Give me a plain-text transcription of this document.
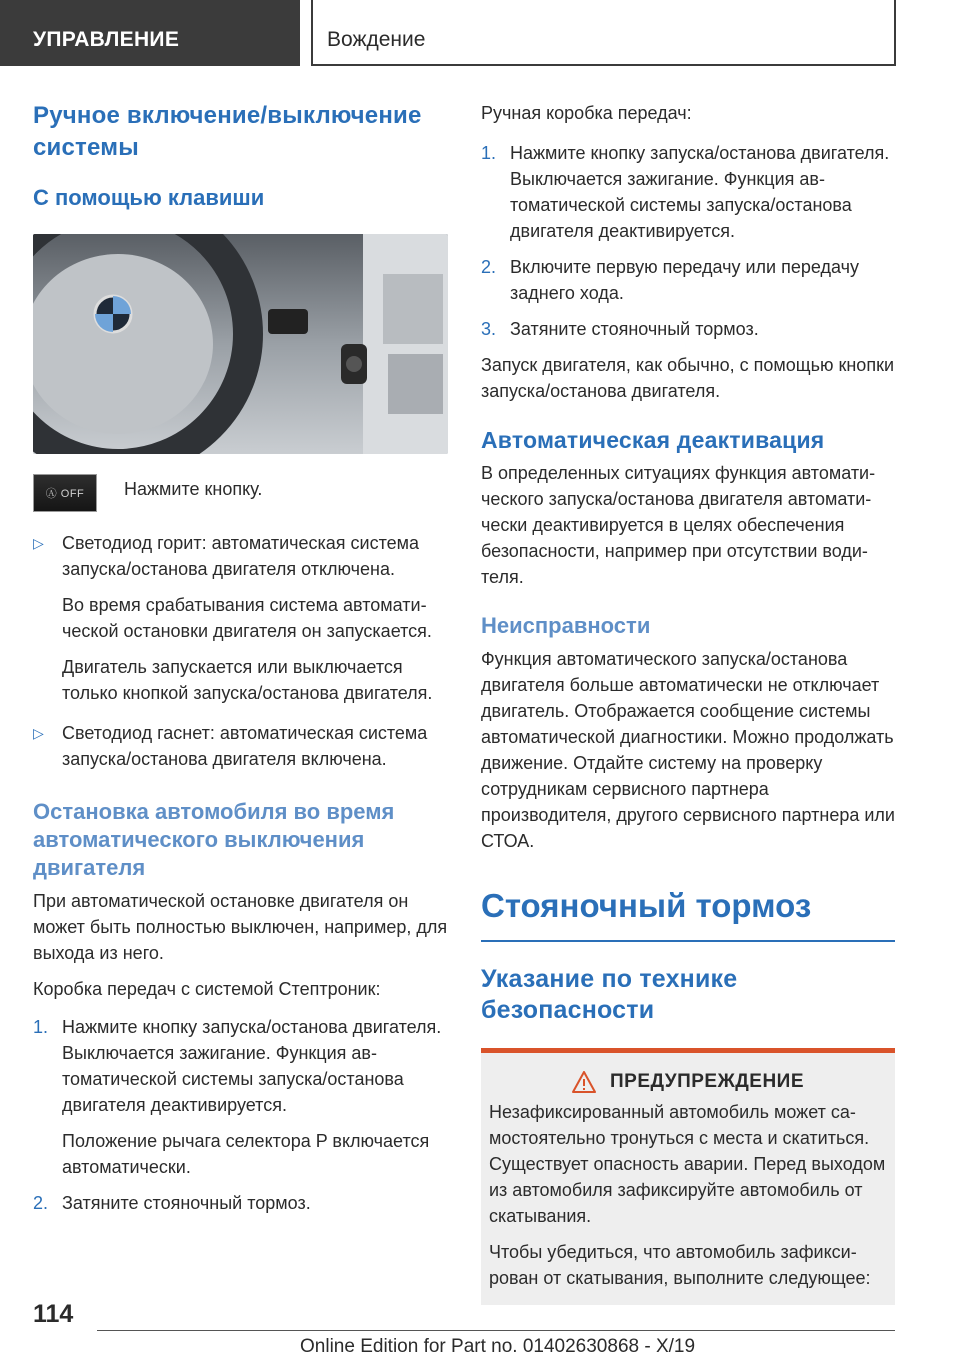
УПРАВЛЕНИЕ	Вождение
Ручное включение/выключение системы
С помощью клавиши
Ⓐ OFF Нажмите кнопку.

▷	Светодиод горит: автоматическая система запуска/останова двигателя отключена.

Во время срабатывания система автоматической остановки двигателя он запускается.

Двигатель запускается или выключается только кнопкой запуска/останова двигателя.

▷	Светодиод гаснет: автоматическая система запуска/останова двигателя включена.

Остановка автомобиля во время автоматического выключения двигателя

При автоматической остановке двигателя он может быть полностью выключен, например, для выхода из него.

Коробка передач с системой Стептроник:

1. Нажмите кнопку запуска/останова двигателя. Выключается зажигание. Функция автоматической системы запуска/останова двигателя деактивируется.

Положение рычага селектора P включается автоматически.

2. Затяните стояночный тормоз.

Ручная коробка передач:

1. Нажмите кнопку запуска/останова двигателя. Выключается зажигание. Функция автоматической системы запуска/останова двигателя деактивируется.

2. Включите первую передачу или передачу заднего хода.

3. Затяните стояночный тормоз.

Запуск двигателя, как обычно, с помощью кнопки запуска/останова двигателя.

Автоматическая деактивация

В определенных ситуациях функция автоматического запуска/останова двигателя автоматически деактивируется в целях обеспечения безопасности, например при отсутствии водителя.

Неисправности

Функция автоматического запуска/останова двигателя больше автоматически не отключает двигатель. Отображается сообщение системы автоматической диагностики. Можно продолжать движение. Отдайте систему на проверку сотрудникам сервисного партнера производителя, другого сервисного партнера или СТОА.

Стояночный тормоз
Указание по технике безопасности
ПРЕДУПРЕЖДЕНИЕ

Незафиксированный автомобиль может самостоятельно тронуться с места и скатиться. Существует опасность аварии. Перед выходом из автомобиля зафиксируйте автомобиль от скатывания.

Чтобы убедиться, что автомобиль зафиксирован от скатывания, выполните следующее:

114
Online Edition for Part no. 01402630868 - X/19
